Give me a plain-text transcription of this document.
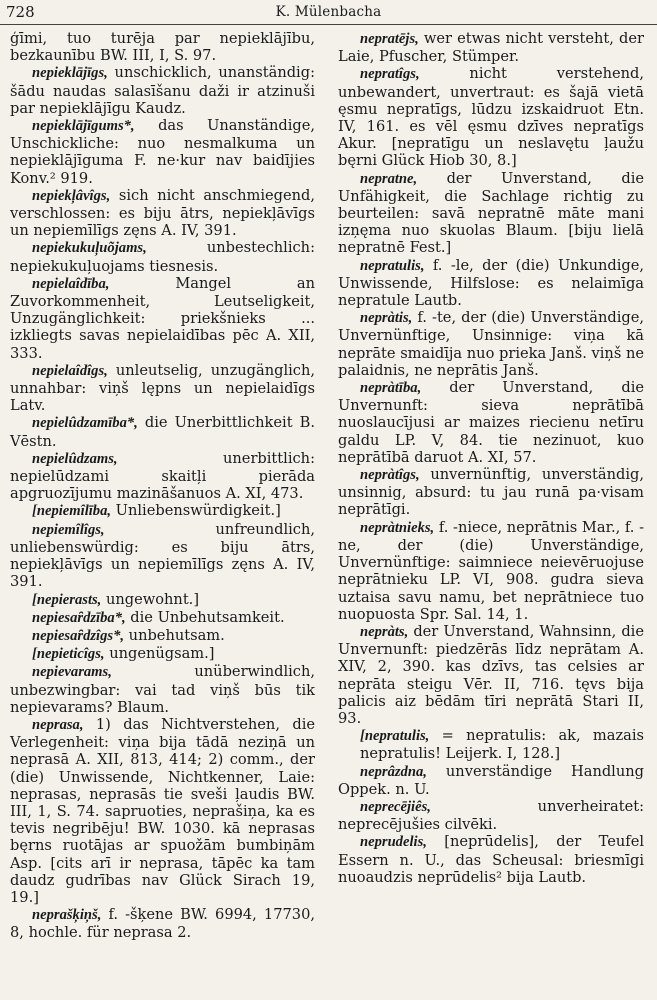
728	K. Mülenbacha
ģīmi, tuo turēja par nepieklājību, bezkaunību BW. III, I, S. 97.
nepieklājīgs, unschicklich, unanständig: šādu naudas salasīšanu daži ir atzinuši par nepieklājīgu Kaudz.
nepieklājīgums*, das Unanständige, Unschickliche: nuo nesmalkuma un nepieklājīguma F. ne·kur nav baidījies Konv.² 919.
nepiekļâvîgs, sich nicht anschmiegend, verschlossen: es biju ātrs, nepiekļāvīgs un nepiemīlīgs zęns A. IV, 391.
nepiekukuļuõjams, unbestechlich: nepiekukuļuojams tiesnesis.
nepielaîdība, Mangel an Zuvorkommenheit, Leutseligkeit, Unzugänglichkeit: priekšnieks ... izkliegts savas nepielaidības pēc A. XII, 333.
nepielaîdîgs, unleutselig, unzugänglich, unnahbar: viņš lępns un nepielaidīgs Latv.
nepielûdzamība*, die Unerbittlichkeit B. Vēstn.
nepielûdzams, unerbittlich: nepielūdzami skaitļi pierāda apgruozījumu mazināšanuos A. XI, 473.
[nepiemîlība, Unliebenswürdigkeit.]
nepiemîlîgs, unfreundlich, unliebenswürdig: es biju ātrs, nepiekļāvīgs un nepiemīlīgs zęns A. IV, 391.
[nepierasts, ungewohnt.]
nepiesaȓdzība*, die Unbehutsamkeit.
nepiesaȓdzîgs*, unbehutsam.
[nepieticîgs, ungenügsam.]
nepievarams, unüberwindlich, unbezwingbar: vai tad viņš būs tik nepievarams? Blaum.
neprasa, 1) das Nichtverstehen, die Verlegenheit: viņa bija tādā neziņā un neprasā A. XII, 813, 414; 2) comm., der (die) Unwissende, Nichtkenner, Laie: neprasas, neprasās tie sveši ļaudis BW. III, 1, S. 74. sapruoties, neprašiņa, ka es tevis negribēju! BW. 1030. kā neprasas bęrns ruotājas ar spuožām bumbiņām Asp. [cits arī ir neprasa, tāpēc ka tam daudz gudrības nav Glück Sirach 19, 19.]
neprašķiņš, f. -šķene BW. 6994, 17730, 8, hochle. für neprasa 2.
nepratējs, wer etwas nicht versteht, der Laie, Pfuscher, Stümper.
nepratîgs, nicht verstehend, unbewandert, unvertraut: es šajā vietā ęsmu nepratīgs, lūdzu izskaidruot Etn. IV, 161. es vēl ęsmu dzīves nepratīgs Akur. [nepratīgu un neslavętu ļaužu bęrni Glück Hiob 30, 8.]
nepratne, der Unverstand, die Unfähigkeit, die Sachlage richtig zu beurteilen: savā nepratnē māte mani izņęma nuo skuolas Blaum. [biju lielā nepratnē Fest.]
nepratulis, f. -le, der (die) Unkundige, Unwissende, Hilfslose: es nelaimīga nepratule Lautb.
nepràtis, f. -te, der (die) Unverständige, Unvernünftige, Unsinnige: viņa kā neprāte smaidīja nuo prieka Janš. viņš ne palaidnis, ne neprātis Janš.
nepràtība, der Unverstand, die Unvernunft: sieva neprātībā nuoslaucījusi ar maizes riecienu netīru galdu LP. V, 84. tie nezinuot, kuo neprātībā daruot A. XI, 57.
nepràtîgs, unvernünftig, unverständig, unsinnig, absurd: tu jau runā pa·visam neprātīgi.
nepràtnieks, f. -niece, neprātnis Mar., f. -ne, der (die) Unverständige, Unvernünftige: saimniece neievēruojuse neprātnieku LP. VI, 908. gudra sieva uztaisa savu namu, bet neprātniece tuo nuopuosta Spr. Sal. 14, 1.
nepràts, der Unverstand, Wahnsinn, die Unvernunft: piedzērās līdz neprātam A. XIV, 2, 390. kas dzīvs, tas celsies ar neprāta steigu Vēr. II, 716. tęvs bija palicis aiz bēdām tīri neprātā Stari II, 93.
[nepratulis, = nepratulis: ak, mazais nepratulis! Leijerk. I, 128.]
neprâzdna, unverständige Handlung Oppek. n. U.
neprecējiês, unverheiratet: neprecējušies cilvēki.
neprudelis, [neprūdelis], der Teufel Essern n. U., das Scheusal: briesmīgi nuoaudzis neprūdelis² bija Lautb.
